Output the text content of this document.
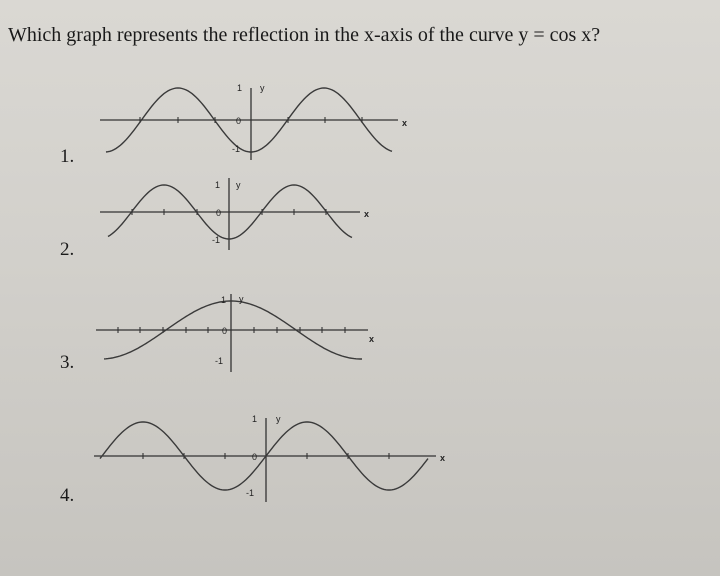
Which graph represents the reflection in the x-axis of the curve y = cos x?
1.
1 y
0
-1
x
2.
1 y
0
-1
x
3.
1 y
0
-1
x
4.
1 y
0
-1
x
